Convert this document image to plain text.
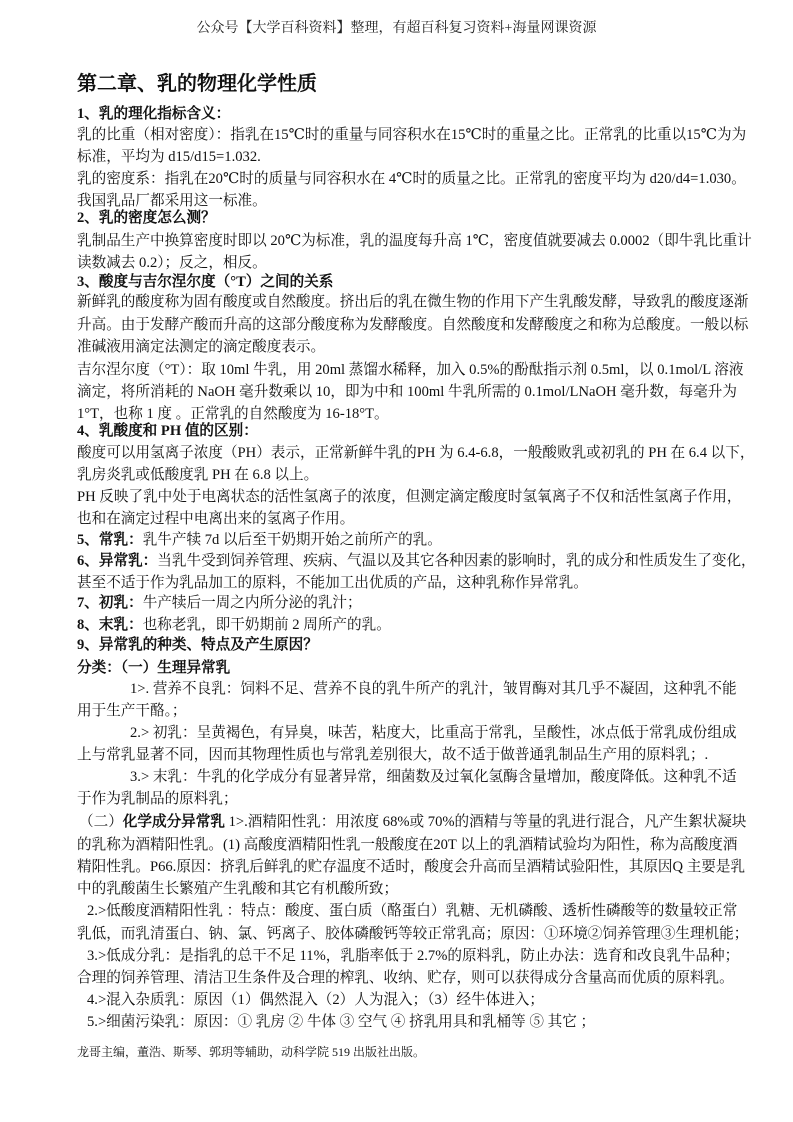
公众号【大学百科资料】整理，有超百科复习资料+海量网课资源
第二章、乳的物理化学性质
1、乳的理化指标含义：
乳的比重（相对密度）：指乳在15℃时的重量与同容积水在15℃时的重量之比。正常乳的比重以15℃为为
标准，平均为 d15/d15=1.032.
乳的密度系：指乳在20℃时的质量与同容积水在 4℃时的质量之比。正常乳的密度平均为 d20/d4=1.030。
我国乳品厂都采用这一标准。
2、乳的密度怎么测？
乳制品生产中换算密度时即以 20℃为标准，乳的温度每升高 1℃，密度值就要减去 0.0002（即牛乳比重计
读数减去 0.2）；反之，相反。
3、酸度与吉尔涅尔度（°T）之间的关系
新鲜乳的酸度称为固有酸度或自然酸度。挤出后的乳在微生物的作用下产生乳酸发酵，导致乳的酸度逐渐
升高。由于发酵产酸而升高的这部分酸度称为发酵酸度。自然酸度和发酵酸度之和称为总酸度。一般以标
准碱液用滴定法测定的滴定酸度表示。
吉尔涅尔度（°T）：取 10ml 牛乳，用 20ml 蒸馏水稀释，加入 0.5%的酚酞指示剂 0.5ml，以 0.1mol/L 溶液
滴定，将所消耗的 NaOH 毫升数乘以 10，即为中和 100ml 牛乳所需的 0.1mol/LNaOH 毫升数，每毫升为
1°T，也称 1 度 。正常乳的自然酸度为 16-18°T。
4、乳酸度和 PH 值的区别：
酸度可以用氢离子浓度（PH）表示，正常新鲜牛乳的PH 为 6.4-6.8，一般酸败乳或初乳的 PH 在 6.4 以下，
乳房炎乳或低酸度乳 PH 在 6.8 以上。
PH 反映了乳中处于电离状态的活性氢离子的浓度，但测定滴定酸度时氢氧离子不仅和活性氢离子作用，
也和在滴定过程中电离出来的氢离子作用。
5、常乳：乳牛产犊 7d 以后至干奶期开始之前所产的乳。
6、异常乳：当乳牛受到饲养管理、疾病、气温以及其它各种因素的影响时，乳的成分和性质发生了变化，
甚至不适于作为乳品加工的原料，不能加工出优质的产品，这种乳称作异常乳。
7、初乳：牛产犊后一周之内所分泌的乳汁；
8、末乳：也称老乳，即干奶期前 2 周所产的乳。
9、异常乳的种类、特点及产生原因？
分类：（一）生理异常乳
1>. 营养不良乳：饲料不足、营养不良的乳牛所产的乳汁，皱胃酶对其几乎不凝固，这种乳不能
用于生产干酪。；
2.> 初乳：呈黄褐色，有异臭，味苦，粘度大，比重高于常乳，呈酸性，冰点低于常乳成份组成
上与常乳显著不同，因而其物理性质也与常乳差别很大，故不适于做普通乳制品生产用的原料乳；.
3.> 末乳：牛乳的化学成分有显著异常，细菌数及过氧化氢酶含量增加，酸度降低。这种乳不适
于作为乳制品的原料乳；
（二）化学成分异常乳 1>.酒精阳性乳：用浓度 68%或 70%的酒精与等量的乳进行混合，凡产生絮状凝块
的乳称为酒精阳性乳。(1) 高酸度酒精阳性乳一般酸度在20T 以上的乳酒精试验均为阳性，称为高酸度酒
精阳性乳。P66.原因：挤乳后鲜乳的贮存温度不适时，酸度会升高而呈酒精试验阳性，其原因Q 主要是乳
中的乳酸菌生长繁殖产生乳酸和其它有机酸所致；
2.>低酸度酒精阳性乳 ：特点：酸度、蛋白质（酪蛋白）乳糖、无机磷酸、透析性磷酸等的数量较正常
乳低，而乳清蛋白、钠、氯、钙离子、胶体磷酸钙等较正常乳高；原因：①环境②饲养管理③生理机能；
3.>低成分乳：是指乳的总干不足 11%，乳脂率低于 2.7%的原料乳，防止办法：选育和改良乳牛品种；
合理的饲养管理、清洁卫生条件及合理的榨乳、收纳、贮存，则可以获得成分含量高而优质的原料乳。
4.>混入杂质乳：原因（1）偶然混入（2）人为混入；（3）经牛体进入；
5.>细菌污染乳：原因：① 乳房 ② 牛体 ③ 空气 ④ 挤乳用具和乳桶等 ⑤ 其它 ；
龙哥主编，董浩、斯琴、郭玥等辅助，动科学院 519 出版社出版。
